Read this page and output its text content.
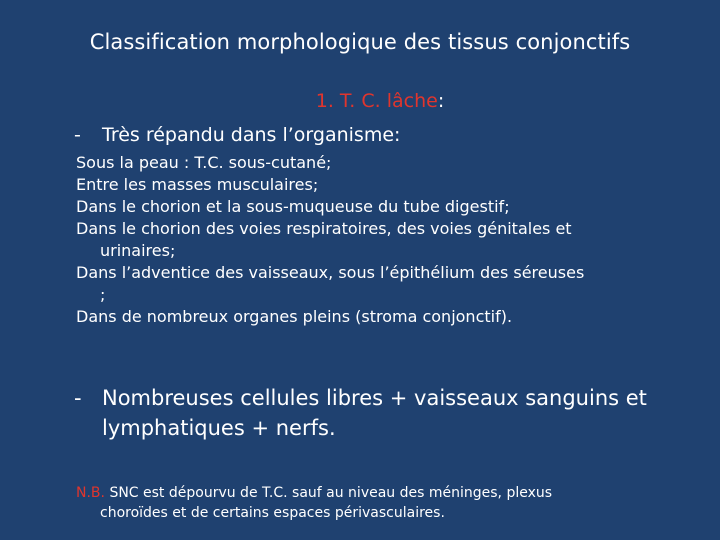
Classification morphologique des tissus conjonctifs
1. T. C. lâche:
- Très répandu dans l’organisme:
Sous la peau : T.C. sous-cutané;
Entre les masses musculaires;
Dans le chorion et la sous-muqueuse du tube digestif;
Dans le chorion des voies respiratoires, des voies génitales et
urinaires;
Dans l’adventice des vaisseaux, sous l’épithélium des séreuses
;
Dans de nombreux organes pleins (stroma conjonctif).
- Nombreuses cellules libres + vaisseaux sanguins et
lymphatiques + nerfs.
N.B. SNC est dépourvu de T.C. sauf au niveau des méninges, plexus
choroïdes et de certains espaces périvasculaires.
